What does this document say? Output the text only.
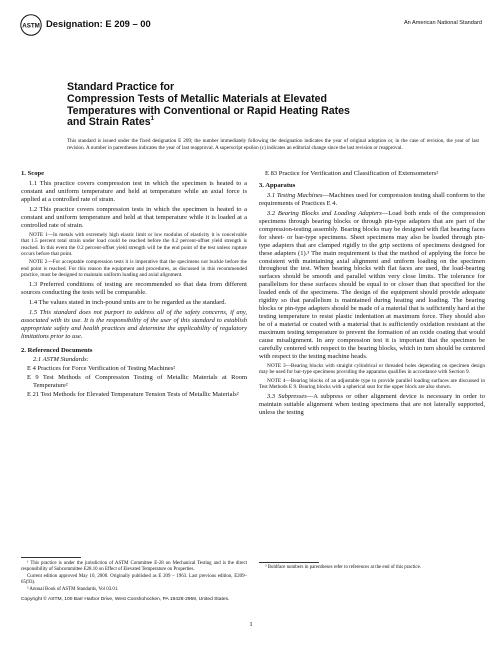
ASTM Designation: E 209 – 00	An American National Standard
Standard Practice for
Compression Tests of Metallic Materials at Elevated
Temperatures with Conventional or Rapid Heating Rates
and Strain Rates$^1$
This standard is issued under the fixed designation E 209; the number immediately following the designation indicates the year of original adoption or, in the case of revision, the year of last revision. A number in parentheses indicates the year of last reapproval. A superscript epsilon (ε) indicates an editorial change since the last revision or reapproval.
1. Scope

1.1 This practice covers compression test in which the specimen is heated to a constant and uniform temperature and held at temperature while an axial force is applied at a controlled rate of strain.

1.2 This practice covers compression tests in which the specimen is heated to a constant and uniform temperature and held at that temperature while it is loaded at a controlled rate of strain.

NOTE 1—In metals with extremely high elastic limit or low modulus of elasticity it is conceivable that 1.5 percent total strain under load could be reached before the 0.2 percent-offset yield strength is reached. In this event the 0.2 percent-offset yield strength will be the end point of the test unless rupture occurs before that point.

NOTE 2—For acceptable compression tests it is imperative that the specimens not buckle before the end point is reached. For this reason the equipment and procedures, as discussed in this recommended practice, must be designed to maintain uniform loading and axial alignment.

1.3 Preferred conditions of testing are recommended so that data from different sources conducting the tests will be comparable.

1.4 The values stated in inch-pound units are to be regarded as the standard.

1.5 This standard does not purport to address all of the safety concerns, if any, associated with its use. It is the responsibility of the user of this standard to establish appropriate safety and health practices and determine the applicability of regulatory limitations prior to use.

2. Referenced Documents
2.1 ASTM Standards:
E 4 Practices for Force Verification of Testing Machines²
E 9 Test Methods of Compression Testing of Metallic Materials at Room Temperature²
E 21 Test Methods for Elevated Temperature Tension Tests of Metallic Materials²
E 83 Practice for Verification and Classification of Extensometers²
3. Apparatus

3.1 Testing Machines—Machines used for compression testing shall conform to the requirements of Practices E 4.

3.2 Bearing Blocks and Loading Adapters—Load both ends of the compression specimens through bearing blocks or through pin-type adapters that are part of the compression-testing assembly. Bearing blocks may be designed with flat bearing faces for sheet- or bar-type specimens. Sheet specimens may also be loaded through pin-type adapters that are clamped rigidly to the grip sections of specimens designed for these adapters (1).³ The main requirement is that the method of applying the force be consistent with maintaining axial alignment and uniform loading on the specimen throughout the test. When bearing blocks with flat faces are used, the load-bearing surfaces should be smooth and parallel within very close limits. The tolerance for parallelism for these surfaces should be equal to or closer than that specified for the loaded ends of the specimens. The design of the equipment should provide adequate rigidity so that parallelism is maintained during heating and loading. The bearing blocks or pin-type adapters should be made of a material that is sufficiently hard at the testing temperature to resist plastic indentation at maximum force. They should also be of a material or coated with a material that is sufficiently oxidation resistant at the maximum testing temperature to prevent the formation of an oxide coating that would cause misalignment. In any compression test it is important that the specimen be carefully centered with respect to the bearing blocks, which in turn should be centered with respect to the testing machine heads.

NOTE 3—Bearing blocks with straight cylindrical or threaded holes depending on specimen design may be used for bar-type specimens providing the apparatus qualifies in accordance with Section 9.

NOTE 4—Bearing blocks of an adjustable type to provide parallel loading surfaces are discussed in Test Methods E 9. Bearing blocks with a spherical seat for the upper block are also shown.

3.3 Subpresses—A subpress or other alignment device is necessary in order to maintain suitable alignment when testing specimens that are not laterally supported, unless the testing

¹ This practice is under the jurisdiction of ASTM Committee E-28 on Mechanical Testing and is the direct responsibility of Subcommittee E28.10 on Effect of Elevated Temperature on Properties.

Current edition approved May 10, 2000. Originally published as E 209 – 1963. Last previous edition, E209–65(93).

² Annual Book of ASTM Standards, Vol 03.01.

³ Boldface numbers in parentheses refer to references at the end of this practice.
Copyright © ASTM, 100 Barr Harbor Drive, West Conshohocken, PA 19428-2959, United States.
1
